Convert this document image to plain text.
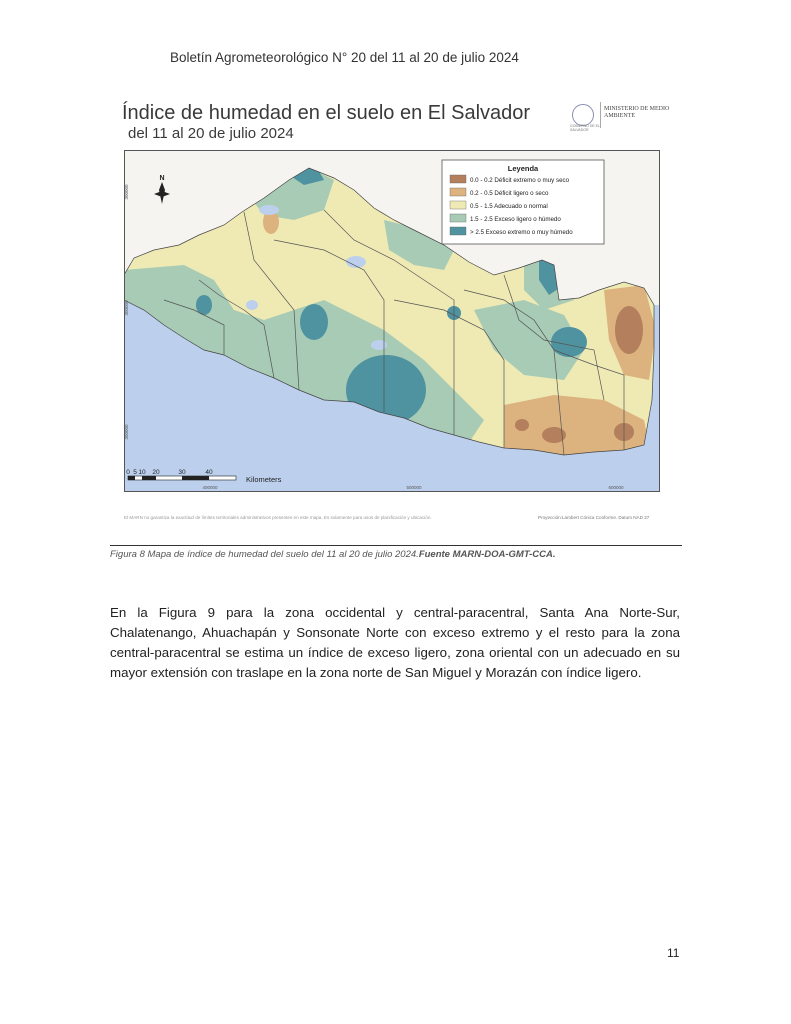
Boletín Agrometeorológico N° 20 del 11 al 20 de julio 2024
Índice de humedad en el suelo en El Salvador
del 11 al 20 de julio 2024	GOBIERNO DE EL SALVADOR
MINISTERIO DE MEDIO AMBIENTE
Leyenda
0.0 - 0.2 Déficit extremo o muy seco
0.2 - 0.5 Déficit ligero o seco
0.5 - 1.5 Adecuado o normal
1.5 - 2.5 Exceso ligero o húmedo
> 2.5 Exceso extremo o muy húmedo
N
0 5 10 20	30	40
Kilometers
400000	500000	600000
300000
300000
300000
El MARN no garantiza la exactitud de límites territoriales administrativos presentes en este mapa. Es solamente para usos de planificación y ubicación.	Proyección:Lambert Cónica Conforme. Datum NAD 27
Figura 8 Mapa de índice de humedad del suelo del 11 al 20 de julio 2024.Fuente MARN-DOA-GMT-CCA.
En la Figura 9 para la zona occidental y central-paracentral, Santa Ana Norte-Sur, Chalatenango, Ahuachapán y Sonsonate Norte con exceso extremo y el resto para la zona central-paracentral se estima un índice de exceso ligero, zona oriental con un adecuado en su mayor extensión con traslape en la zona norte de San Miguel y Morazán con índice ligero.
11
